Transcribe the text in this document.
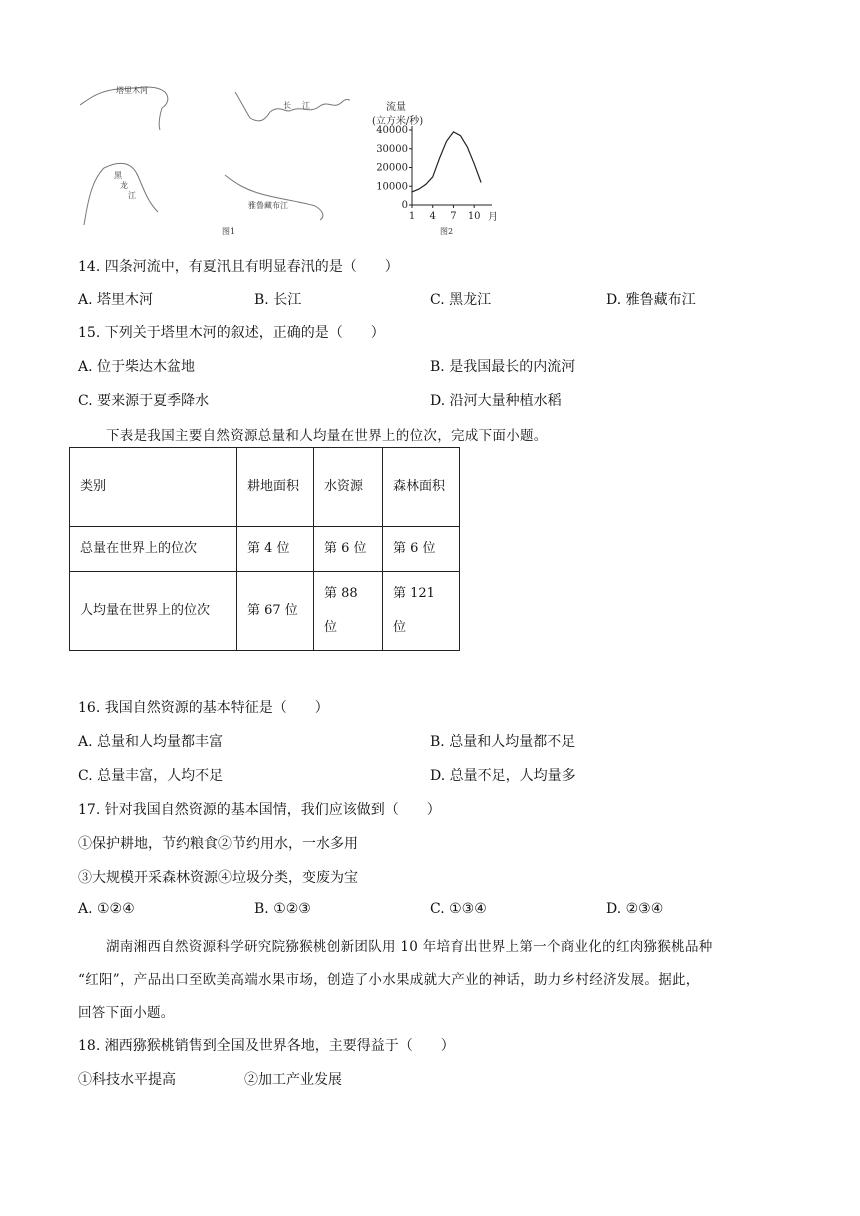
塔里木河
长 江
黑
龙
江
雅鲁藏布江
图1
流量
(立方米/秒)
0
10000
20000
30000
40000
1 4 7 10 月
图2
14. 四条河流中，有夏汛且有明显春汛的是（　　）
A. 塔里木河	B. 长江	C. 黑龙江	D. 雅鲁藏布江
15. 下列关于塔里木河的叙述，正确的是（　　）
A. 位于柴达木盆地	B. 是我国最长的内流河
C. 要来源于夏季降水	D. 沿河大量种植水稻
下表是我国主要自然资源总量和人均量在世界上的位次，完成下面小题。
类别	耕地面积	水资源	森林面积
总量在世界上的位次	第 4 位	第 6 位	第 6 位
人均量在世界上的位次	第 67 位	第 88 位	第 121 位
16. 我国自然资源的基本特征是（　　）
A. 总量和人均量都丰富	B. 总量和人均量都不足
C. 总量丰富，人均不足	D. 总量不足，人均量多
17. 针对我国自然资源的基本国情，我们应该做到（　　）
①保护耕地，节约粮食②节约用水，一水多用
③大规模开采森林资源④垃圾分类，变废为宝
A. ①②④	B. ①②③	C. ①③④	D. ②③④
湖南湘西自然资源科学研究院猕猴桃创新团队用 10 年培育出世界上第一个商业化的红肉猕猴桃品种
“红阳”，产品出口至欧美高端水果市场，创造了小水果成就大产业的神话，助力乡村经济发展。据此，
回答下面小题。
18. 湘西猕猴桃销售到全国及世界各地，主要得益于（　　）
①科技水平提高	②加工产业发展
